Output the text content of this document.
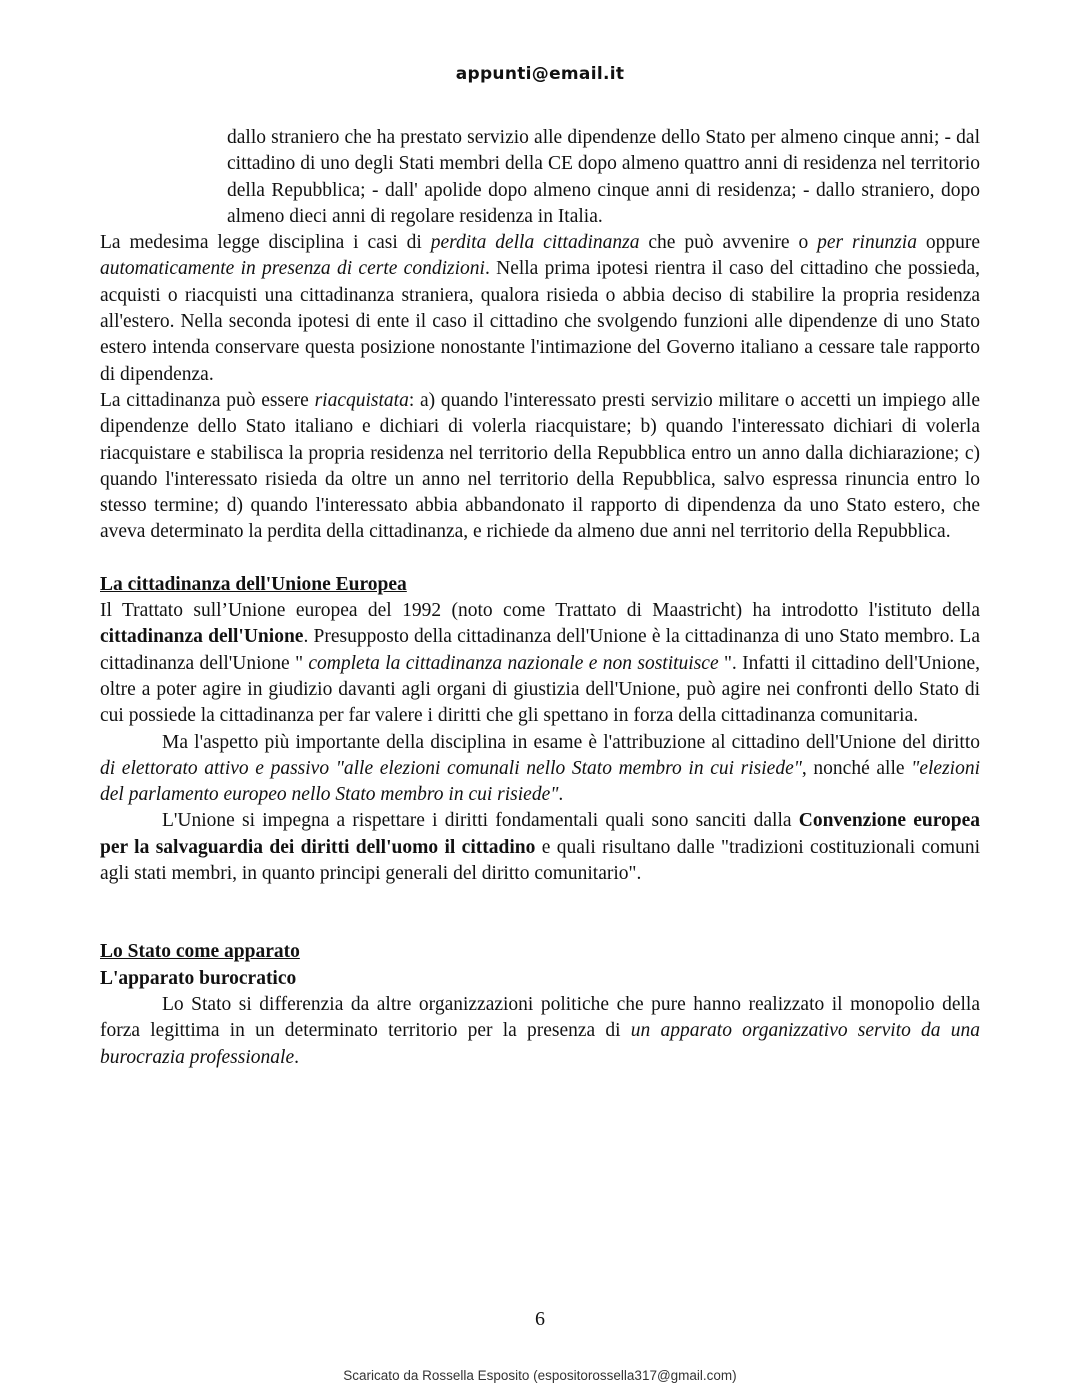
appunti@email.it

dallo straniero che ha prestato servizio alle dipendenze dello Stato per almeno cinque anni; - dal cittadino di uno degli Stati membri della CE dopo almeno quattro anni di residenza nel territorio della Repubblica; - dall' apolide dopo almeno cinque anni di residenza; - dallo straniero, dopo almeno dieci anni di regolare residenza in Italia.

La medesima legge disciplina i casi di perdita della cittadinanza che può avvenire o per rinunzia oppure automaticamente in presenza di certe condizioni. Nella prima ipotesi rientra il caso del cittadino che possieda, acquisti o riacquisti una cittadinanza straniera, qualora risieda o abbia deciso di stabilire la propria residenza all'estero. Nella seconda ipotesi di ente il caso il cittadino che svolgendo funzioni alle dipendenze di uno Stato estero intenda conservare questa posizione nonostante l'intimazione del Governo italiano a cessare tale rapporto di dipendenza.

La cittadinanza può essere riacquistata: a) quando l'interessato presti servizio militare o accetti un impiego alle dipendenze dello Stato italiano e dichiari di volerla riacquistare; b) quando l'interessato dichiari di volerla riacquistare e stabilisca la propria residenza nel territorio della Repubblica entro un anno dalla dichiarazione; c) quando l'interessato risieda da oltre un anno nel territorio della Repubblica, salvo espressa rinuncia entro lo stesso termine; d) quando l'interessato abbia abbandonato il rapporto di dipendenza da uno Stato estero, che aveva determinato la perdita della cittadinanza, e richiede da almeno due anni nel territorio della Repubblica.

La cittadinanza dell'Unione Europea

Il Trattato sull’Unione europea del 1992 (noto come Trattato di Maastricht) ha introdotto l'istituto della cittadinanza dell'Unione. Presupposto della cittadinanza dell'Unione è la cittadinanza di uno Stato membro. La cittadinanza dell'Unione " completa la cittadinanza nazionale e non sostituisce ". Infatti il cittadino dell'Unione, oltre a poter agire in giudizio davanti agli organi di giustizia dell'Unione, può agire nei confronti dello Stato di cui possiede la cittadinanza per far valere i diritti che gli spettano in forza della cittadinanza comunitaria.

Ma l'aspetto più importante della disciplina in esame è l'attribuzione al cittadino dell'Unione del diritto di elettorato attivo e passivo "alle elezioni comunali nello Stato membro in cui risiede", nonché alle "elezioni del parlamento europeo nello Stato membro in cui risiede".

L'Unione si impegna a rispettare i diritti fondamentali quali sono sanciti dalla Convenzione europea per la salvaguardia dei diritti dell'uomo il cittadino e quali risultano dalle "tradizioni costituzionali comuni agli stati membri, in quanto principi generali del diritto comunitario".

Lo Stato come apparato

L'apparato burocratico

Lo Stato si differenzia da altre organizzazioni politiche che pure hanno realizzato il monopolio della forza legittima in un determinato territorio per la presenza di un apparato organizzativo servito da una burocrazia professionale.

6
Scaricato da Rossella Esposito (espositorossella317@gmail.com)
